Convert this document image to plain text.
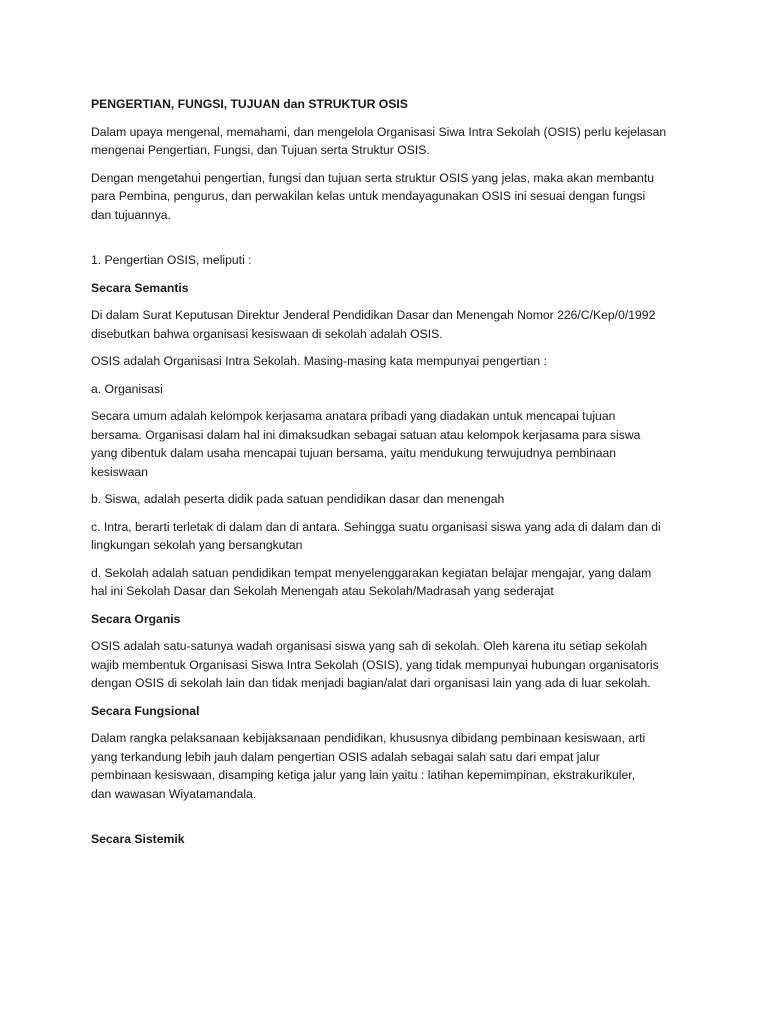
PENGERTIAN, FUNGSI, TUJUAN dan STRUKTUR OSIS
Dalam upaya mengenal, memahami, dan mengelola Organisasi Siwa Intra Sekolah (OSIS) perlu kejelasan
mengenai Pengertian, Fungsi, dan Tujuan serta Struktur OSIS.
Dengan mengetahui pengertian, fungsi dan tujuan serta struktur OSIS yang jelas, maka akan membantu
para Pembina, pengurus, dan perwakilan kelas untuk mendayagunakan OSIS ini sesuai dengan fungsi
dan tujuannya.
1. Pengertian OSIS, meliputi :
Secara Semantis
Di dalam Surat Keputusan Direktur Jenderal Pendidikan Dasar dan Menengah Nomor 226/C/Kep/0/1992
disebutkan bahwa organisasi kesiswaan di sekolah adalah OSIS.
OSIS adalah Organisasi Intra Sekolah. Masing-masing kata mempunyai pengertian :
a. Organisasi
Secara umum adalah kelompok kerjasama anatara pribadi yang diadakan untuk mencapai tujuan
bersama. Organisasi dalam hal ini dimaksudkan sebagai satuan atau kelompok kerjasama para siswa
yang dibentuk dalam usaha mencapai tujuan bersama, yaitu mendukung terwujudnya pembinaan
kesiswaan
b. Siswa, adalah peserta didik pada satuan pendidikan dasar dan menengah
c. Intra, berarti terletak di dalam dan di antara. Sehingga suatu organisasi siswa yang ada di dalam dan di
lingkungan sekolah yang bersangkutan
d. Sekolah adalah satuan pendidikan tempat menyelenggarakan kegiatan belajar mengajar, yang dalam
hal ini Sekolah Dasar dan Sekolah Menengah atau Sekolah/Madrasah yang sederajat
Secara Organis
OSIS adalah satu-satunya wadah organisasi siswa yang sah di sekolah. Oleh karena itu setiap sekolah
wajib membentuk Organisasi Siswa Intra Sekolah (OSIS), yang tidak mempunyai hubungan organisatoris
dengan OSIS di sekolah lain dan tidak menjadi bagian/alat dari organisasi lain yang ada di luar sekolah.
Secara Fungsional
Dalam rangka pelaksanaan kebijaksanaan pendidikan, khususnya dibidang pembinaan kesiswaan, arti
yang terkandung lebih jauh dalam pengertian OSIS adalah sebagai salah satu dari empat jalur
pembinaan kesiswaan, disamping ketiga jalur yang lain yaitu : latihan kepemimpinan, ekstrakurikuler,
dan wawasan Wiyatamandala.
Secara Sistemik
